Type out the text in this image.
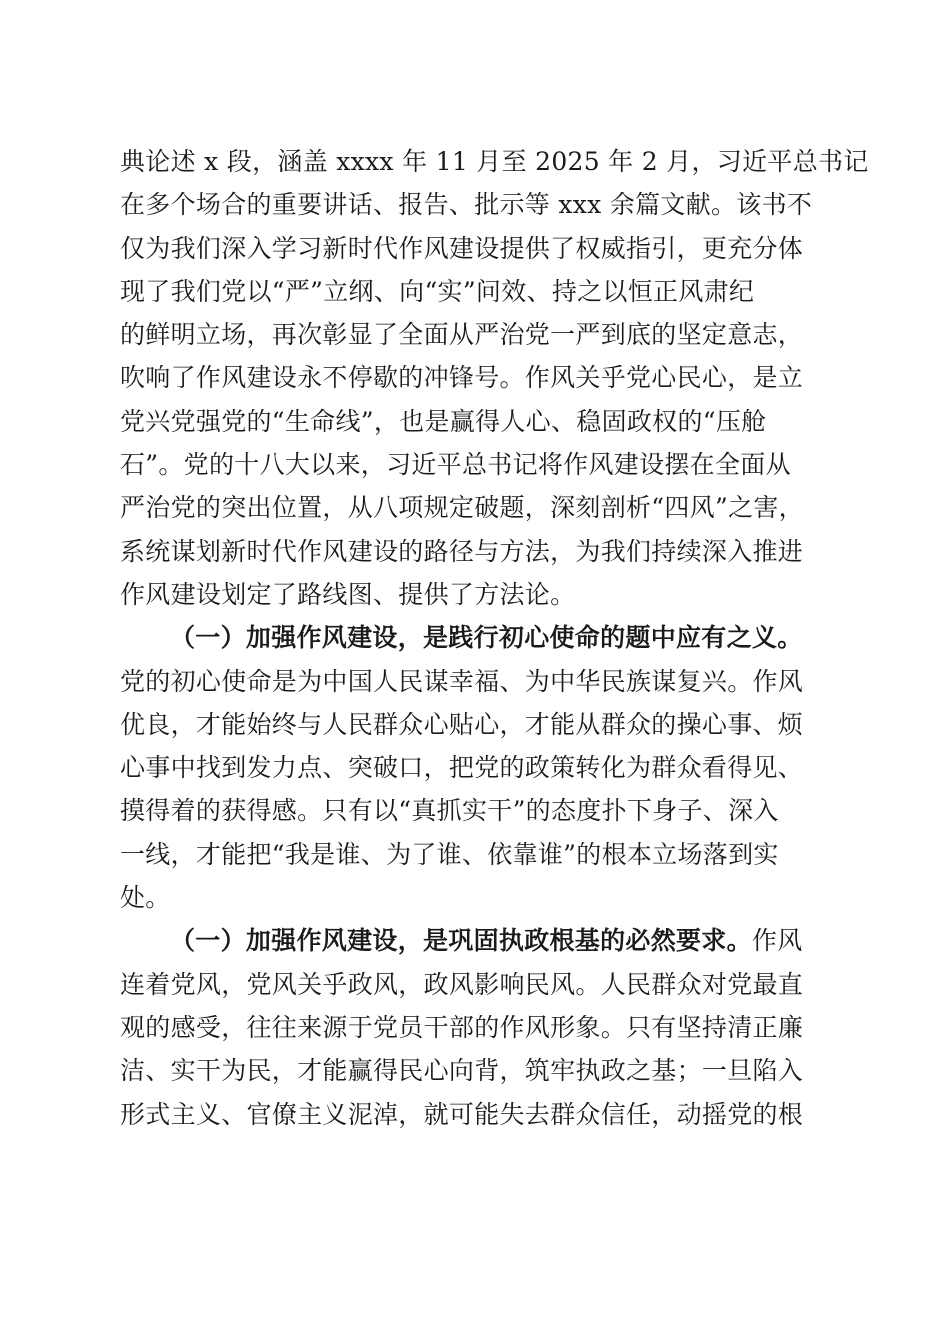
典论述 x 段，涵盖 xxxx 年 11 月至 2025 年 2 月，习近平总书记
在多个场合的重要讲话、报告、批示等 xxx 余篇文献。该书不
仅为我们深入学习新时代作风建设提供了权威指引，更充分体
现了我们党以“严”立纲、向“实”问效、持之以恒正风肃纪
的鲜明立场，再次彰显了全面从严治党一严到底的坚定意志，
吹响了作风建设永不停歇的冲锋号。作风关乎党心民心，是立
党兴党强党的“生命线”，也是赢得人心、稳固政权的“压舱
石”。党的十八大以来，习近平总书记将作风建设摆在全面从
严治党的突出位置，从八项规定破题，深刻剖析“四风”之害，
系统谋划新时代作风建设的路径与方法，为我们持续深入推进
作风建设划定了路线图、提供了方法论。
（一）加强作风建设，是践行初心使命的题中应有之义。
党的初心使命是为中国人民谋幸福、为中华民族谋复兴。作风
优良，才能始终与人民群众心贴心，才能从群众的操心事、烦
心事中找到发力点、突破口，把党的政策转化为群众看得见、
摸得着的获得感。只有以“真抓实干”的态度扑下身子、深入
一线，才能把“我是谁、为了谁、依靠谁”的根本立场落到实
处。
（一）加强作风建设，是巩固执政根基的必然要求。作风
连着党风，党风关乎政风，政风影响民风。人民群众对党最直
观的感受，往往来源于党员干部的作风形象。只有坚持清正廉
洁、实干为民，才能赢得民心向背，筑牢执政之基；一旦陷入
形式主义、官僚主义泥淖，就可能失去群众信任，动摇党的根
